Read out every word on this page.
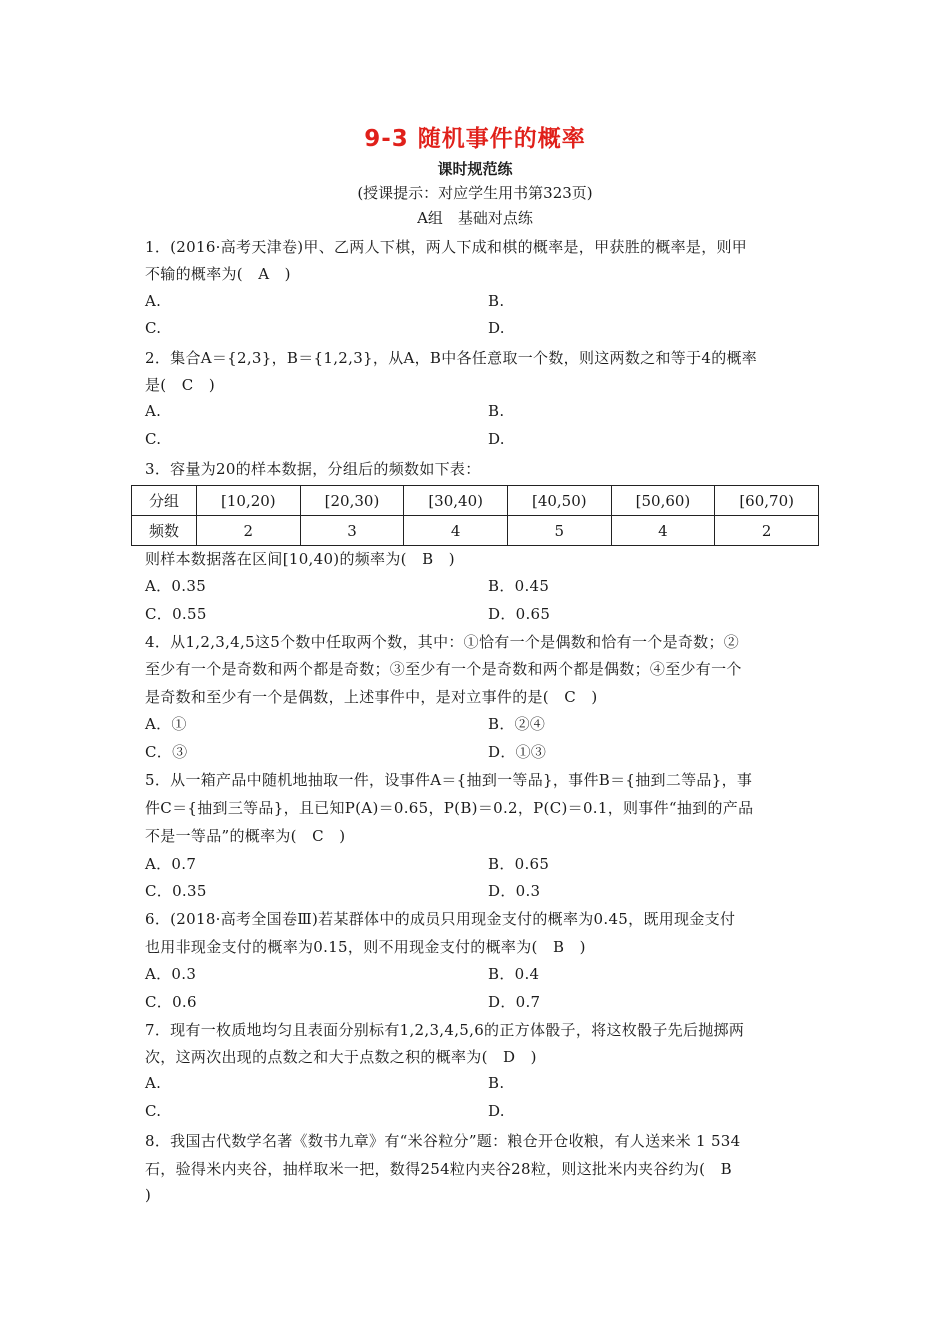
9-3 随机事件的概率
课时规范练
(授课提示：对应学生用书第323页)
A组　基础对点练
1．(2016·高考天津卷)甲、乙两人下棋，两人下成和棋的概率是，甲获胜的概率是，则甲
不输的概率为(　A　)
A.	B.
C.	D.
2．集合A＝{2,3}，B＝{1,2,3}，从A，B中各任意取一个数，则这两数之和等于4的概率
是(　C　)
A.	B.
C.	D.
3．容量为20的样本数据，分组后的频数如下表：
分组	[10,20)	[20,30)	[30,40)	[40,50)	[50,60)	[60,70)
频数	2	3	4	5	4	2
则样本数据落在区间[10,40)的频率为(　B　)
A．0.35	B．0.45
C．0.55	D．0.65
4．从1,2,3,4,5这5个数中任取两个数，其中：①恰有一个是偶数和恰有一个是奇数；②
至少有一个是奇数和两个都是奇数；③至少有一个是奇数和两个都是偶数；④至少有一个
是奇数和至少有一个是偶数，上述事件中，是对立事件的是(　C　)
A．①	B．②④
C．③	D．①③
5．从一箱产品中随机地抽取一件，设事件A＝{抽到一等品}，事件B＝{抽到二等品}，事
件C＝{抽到三等品}，且已知P(A)＝0.65，P(B)＝0.2，P(C)＝0.1，则事件“抽到的产品
不是一等品”的概率为(　C　)
A．0.7	B．0.65
C．0.35	D．0.3
6．(2018·高考全国卷Ⅲ)若某群体中的成员只用现金支付的概率为0.45，既用现金支付
也用非现金支付的概率为0.15，则不用现金支付的概率为(　B　)
A．0.3	B．0.4
C．0.6	D．0.7
7．现有一枚质地均匀且表面分别标有1,2,3,4,5,6的正方体骰子，将这枚骰子先后抛掷两
次，这两次出现的点数之和大于点数之积的概率为(　D　)
A.	B.
C.	D.
8．我国古代数学名著《数书九章》有“米谷粒分”题：粮仓开仓收粮，有人送来米 1 534
石，验得米内夹谷，抽样取米一把，数得254粒内夹谷28粒，则这批米内夹谷约为(　B
)
